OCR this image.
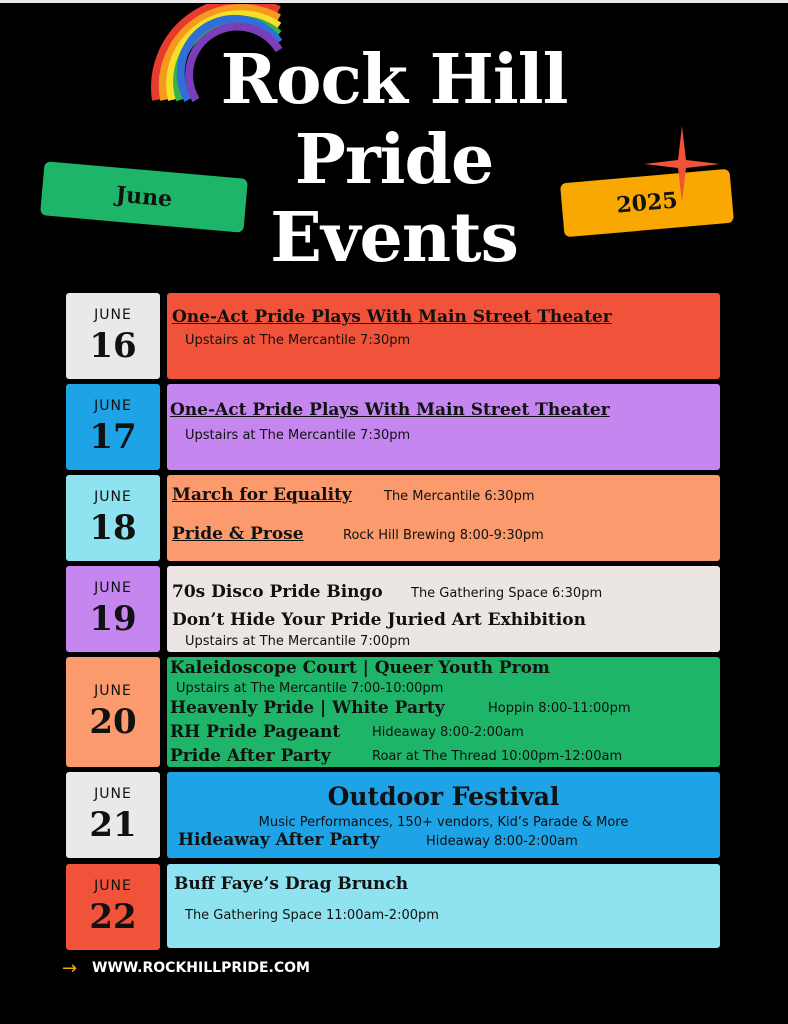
Rock Hill
Pride
Events
June	2025
JUNE
16
One-Act Pride Plays With Main Street Theater
Upstairs at The Mercantile 7:30pm
JUNE
17
One-Act Pride Plays With Main Street Theater
Upstairs at The Mercantile 7:30pm
JUNE
18
March for Equality The Mercantile 6:30pm
Pride & Prose	Rock Hill Brewing 8:00-9:30pm
JUNE
19
70s Disco Pride Bingo The Gathering Space 6:30pm
Don’t Hide Your Pride Juried Art Exhibition
Upstairs at The Mercantile 7:00pm
JUNE
20
Kaleidoscope Court | Queer Youth Prom
Upstairs at The Mercantile 7:00-10:00pm
Heavenly Pride | White Party	Hoppin 8:00-11:00pm
RH Pride Pageant Hideaway 8:00-2:00am
Pride After Party	Roar at The Thread 10:00pm-12:00am
JUNE
21
Outdoor Festival
Music Performances, 150+ vendors, Kid’s Parade & More
Hideaway After Party	Hideaway 8:00-2:00am
JUNE
22
Buff Faye’s Drag Brunch
The Gathering Space 11:00am-2:00pm
→ WWW.ROCKHILLPRIDE.COM
